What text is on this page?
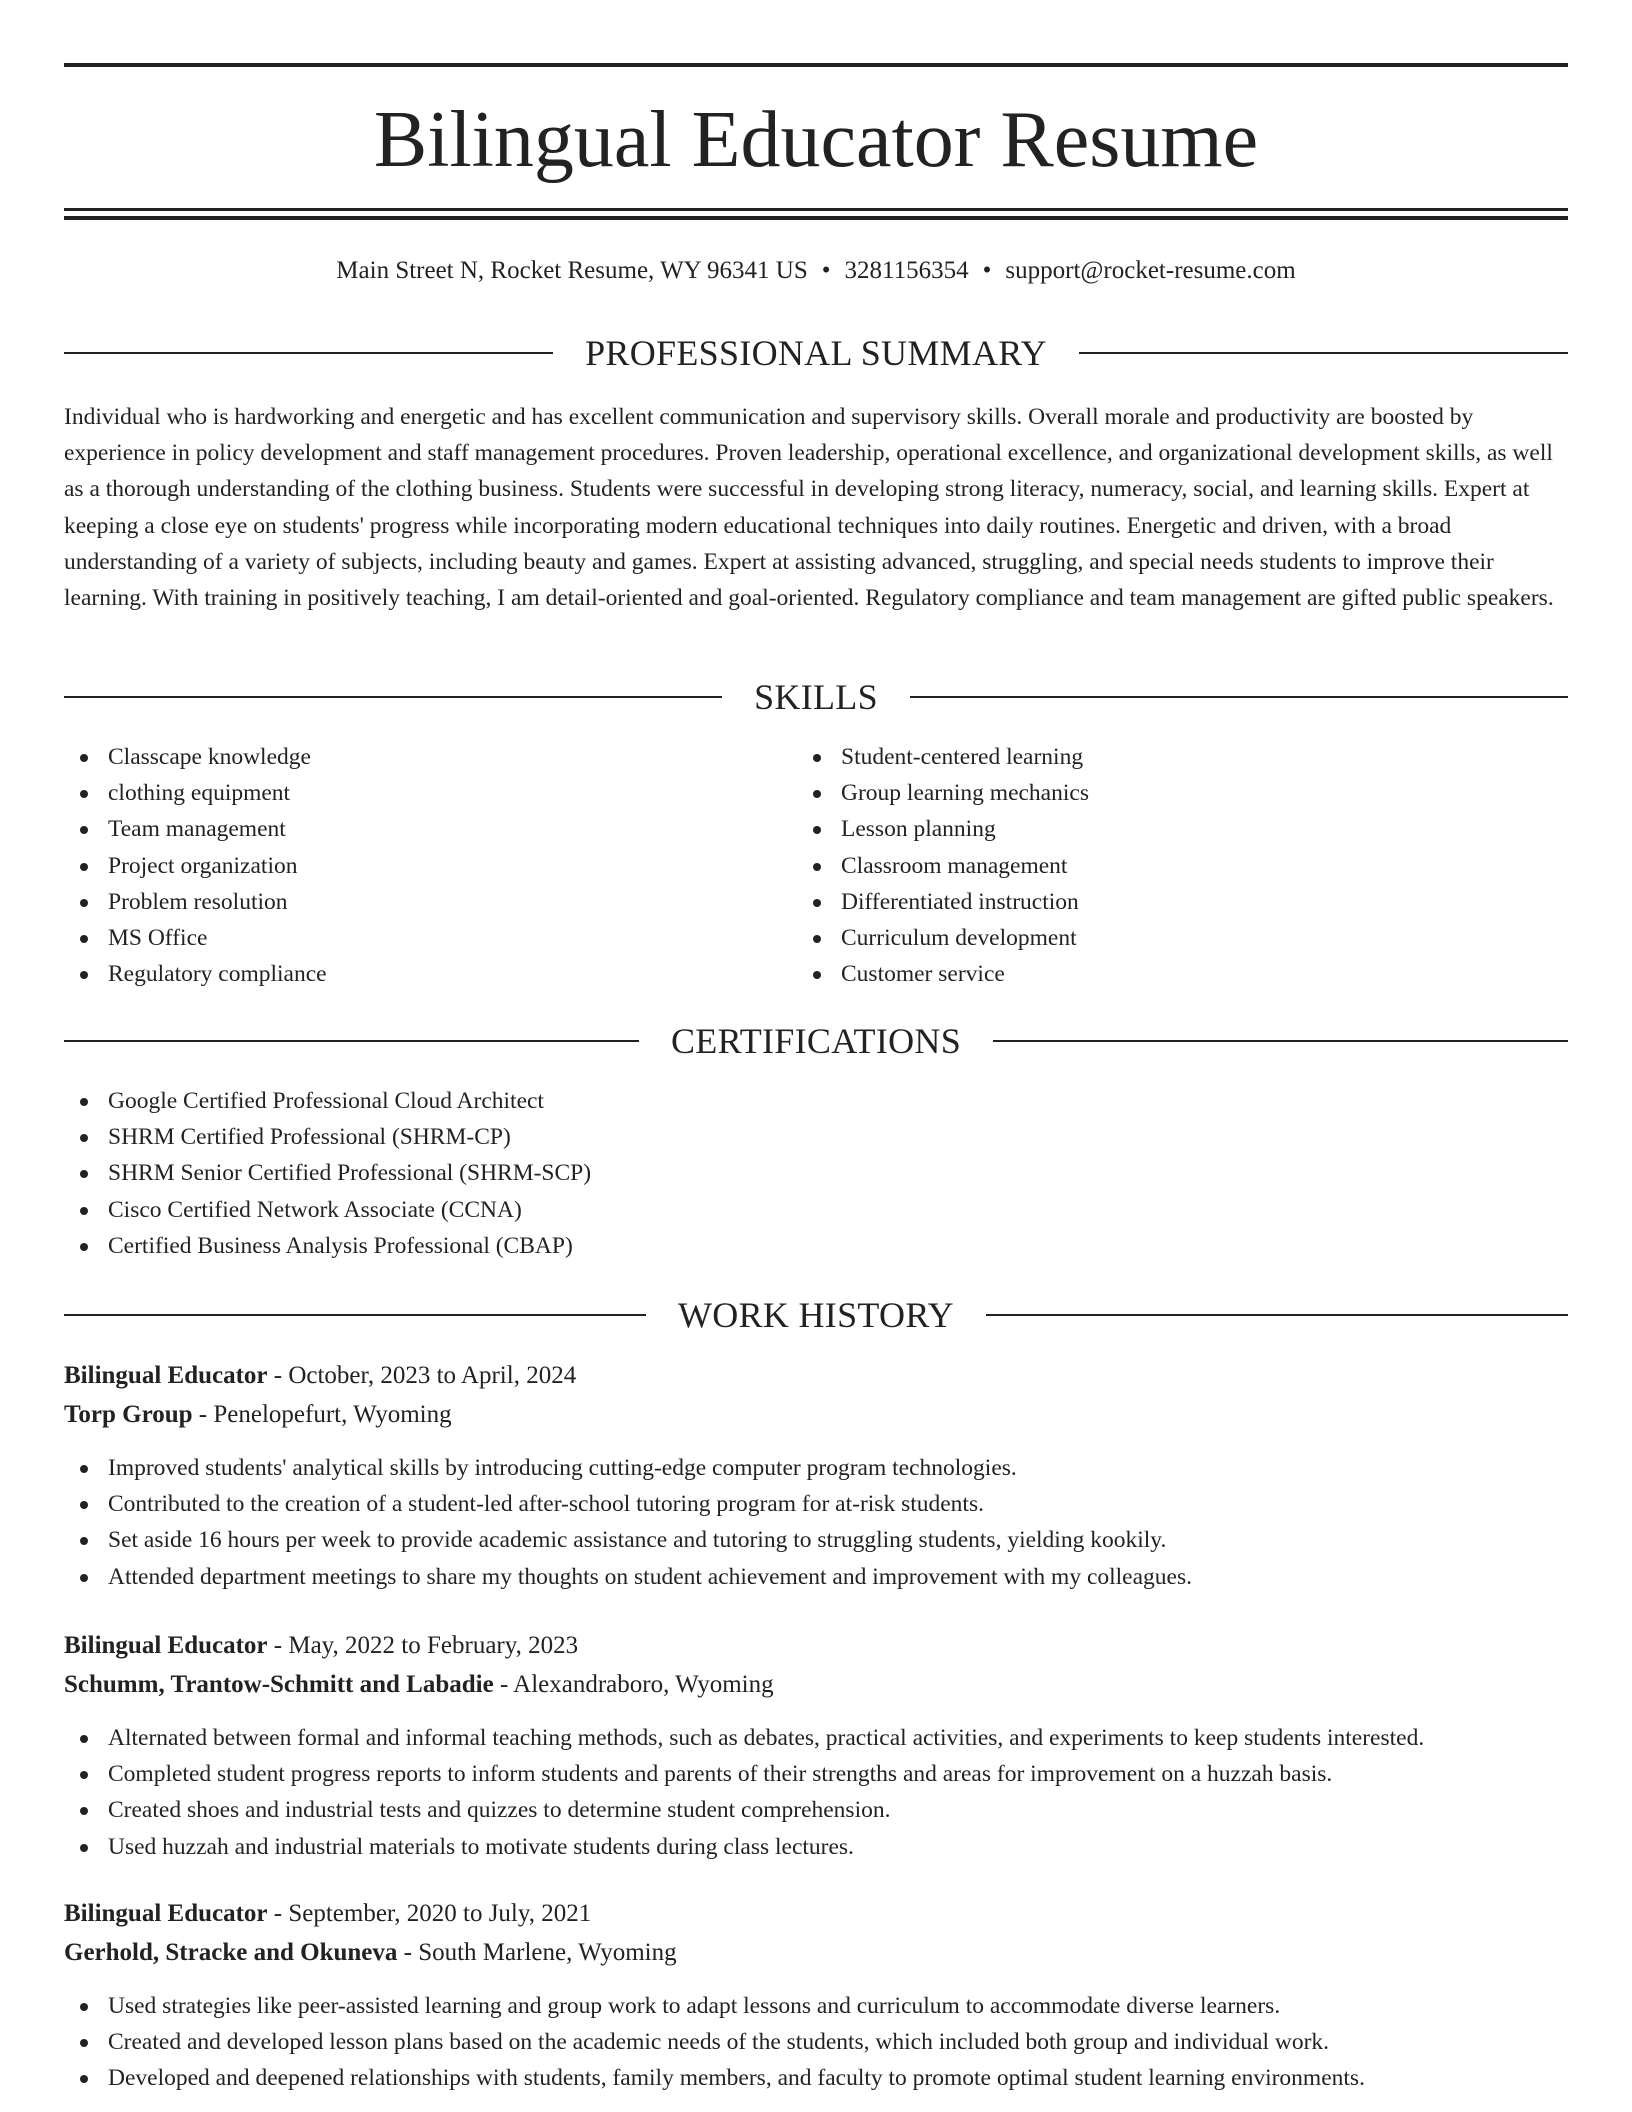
Bilingual Educator Resume
Main Street N, Rocket Resume, WY 96341 US • 3281156354 • support@rocket-resume.com
PROFESSIONAL SUMMARY

Individual who is hardworking and energetic and has excellent communication and supervisory skills. Overall morale and productivity are boosted by experience in policy development and staff management procedures. Proven leadership, operational excellence, and organizational development skills, as well as a thorough understanding of the clothing business. Students were successful in developing strong literacy, numeracy, social, and learning skills. Expert at keeping a close eye on students' progress while incorporating modern educational techniques into daily routines. Energetic and driven, with a broad understanding of a variety of subjects, including beauty and games. Expert at assisting advanced, struggling, and special needs students to improve their learning. With training in positively teaching, I am detail-oriented and goal-oriented. Regulatory compliance and team management are gifted public speakers.

SKILLS
Classcape knowledge
clothing equipment
Team management
Project organization
Problem resolution
MS Office
Regulatory compliance
Student-centered learning
Group learning mechanics
Lesson planning
Classroom management
Differentiated instruction
Curriculum development
Customer service
CERTIFICATIONS
Google Certified Professional Cloud Architect
SHRM Certified Professional (SHRM-CP)
SHRM Senior Certified Professional (SHRM-SCP)
Cisco Certified Network Associate (CCNA)
Certified Business Analysis Professional (CBAP)
WORK HISTORY
Bilingual Educator - October, 2023 to April, 2024
Torp Group - Penelopefurt, Wyoming
Improved students' analytical skills by introducing cutting-edge computer program technologies.
Contributed to the creation of a student-led after-school tutoring program for at-risk students.
Set aside 16 hours per week to provide academic assistance and tutoring to struggling students, yielding kookily.
Attended department meetings to share my thoughts on student achievement and improvement with my colleagues.
Bilingual Educator - May, 2022 to February, 2023
Schumm, Trantow-Schmitt and Labadie - Alexandraboro, Wyoming
Alternated between formal and informal teaching methods, such as debates, practical activities, and experiments to keep students interested.
Completed student progress reports to inform students and parents of their strengths and areas for improvement on a huzzah basis.
Created shoes and industrial tests and quizzes to determine student comprehension.
Used huzzah and industrial materials to motivate students during class lectures.
Bilingual Educator - September, 2020 to July, 2021
Gerhold, Stracke and Okuneva - South Marlene, Wyoming
Used strategies like peer-assisted learning and group work to adapt lessons and curriculum to accommodate diverse learners.
Created and developed lesson plans based on the academic needs of the students, which included both group and individual work.
Developed and deepened relationships with students, family members, and faculty to promote optimal student learning environments.
